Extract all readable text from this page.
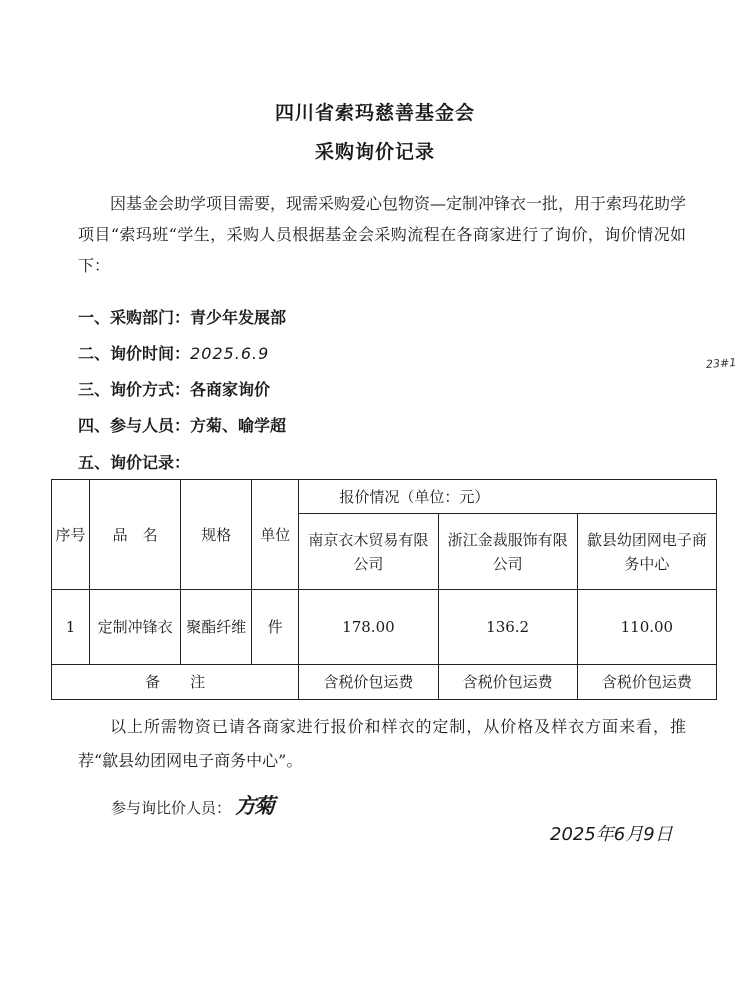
四川省索玛慈善基金会
采购询价记录

因基金会助学项目需要，现需采购爱心包物资—定制冲锋衣一批，用于索玛花助学项目“索玛班“学生，采购人员根据基金会采购流程在各商家进行了询价，询价情况如下：

一、采购部门：青少年发展部
二、询价时间：2025.6.9
三、询价方式：各商家询价
四、参与人员：方菊、喻学超
五、询价记录：
23#1
序号	品　名	规格	单位	报价情况（单位：元）		
				南京衣木贸易有限公司	浙江金裁服饰有限公司	歙县幼团网电子商务中心
1	定制冲锋衣	聚酯纤维	件	178.00	136.2	110.00
备　　注				含税价包运费	含税价包运费	含税价包运费

以上所需物资已请各商家进行报价和样衣的定制，从价格及样衣方面来看，推荐“歙县幼团网电子商务中心”。

参与询比价人员： 方菊
2025年6月9日
